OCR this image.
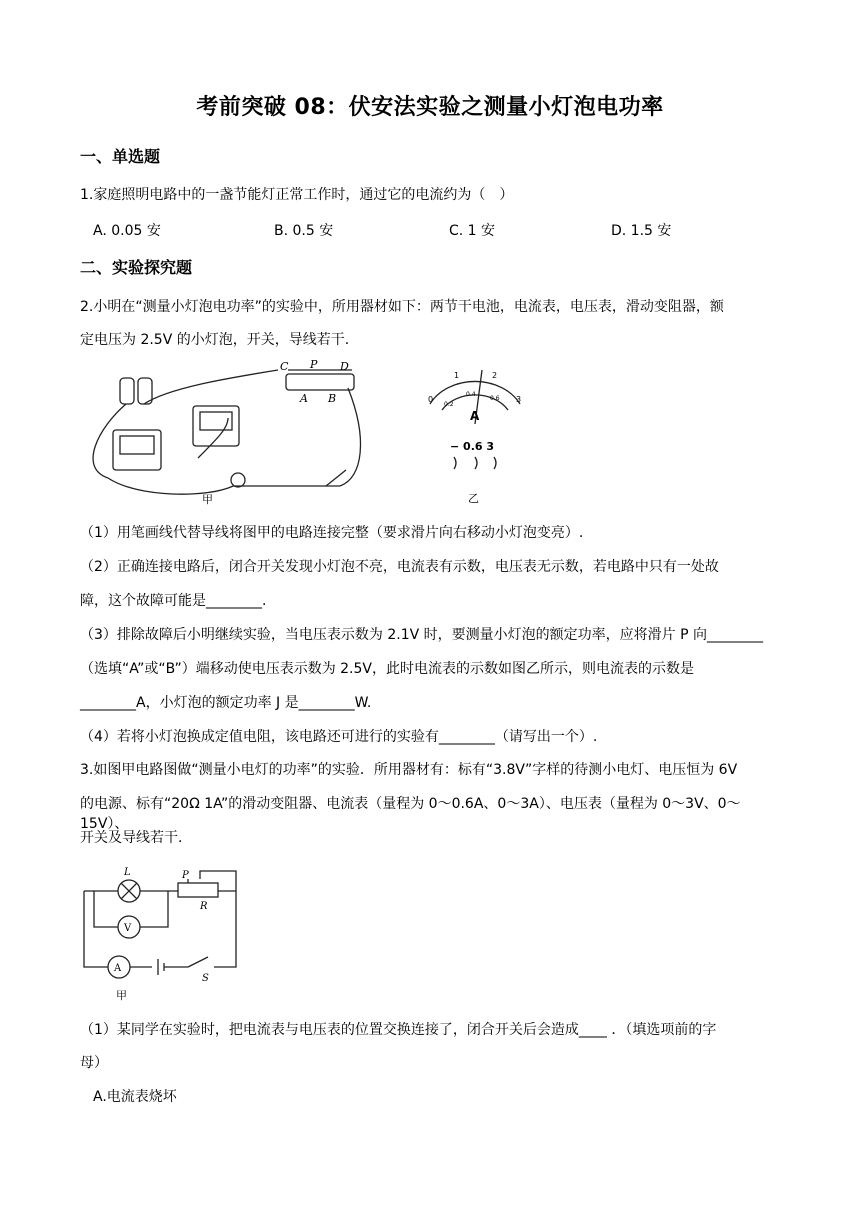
考前突破 08：伏安法实验之测量小灯泡电功率
一、单选题
1.家庭照明电路中的一盏节能灯正常工作时，通过它的电流约为（　）
A. 0.05 安	B. 0.5 安	C. 1 安	D. 1.5 安
二、实验探究题
2.小明在“测量小灯泡电功率”的实验中，所用器材如下：两节干电池，电流表，电压表，滑动变阻器，额
定电压为 2.5V 的小灯泡，开关，导线若干.
C P D
A B
甲
0
1	2
3
0.2
0.4
0.6
A
− 0.6 3
乙
（1）用笔画线代替导线将图甲的电路连接完整（要求滑片向右移动小灯泡变亮）.
（2）正确连接电路后，闭合开关发现小灯泡不亮，电流表有示数，电压表无示数，若电路中只有一处故
障，这个故障可能是________.
（3）排除故障后小明继续实验，当电压表示数为 2.1V 时，要测量小灯泡的额定功率，应将滑片 P 向________
（选填“A”或“B”）端移动使电压表示数为 2.5V，此时电流表的示数如图乙所示，则电流表的示数是
________A，小灯泡的额定功率 J 是________W.
（4）若将小灯泡换成定值电阻，该电路还可进行的实验有________（请写出一个）.
3.如图甲电路图做“测量小电灯的功率”的实验．所用器材有：标有“3.8V”字样的待测小电灯、电压恒为 6V
的电源、标有“20Ω 1A”的滑动变阻器、电流表（量程为 0～0.6A、0～3A）、电压表（量程为 0～3V、0～15V）、
开关及导线若干.
L	P
R
V
A
S
甲
（1）某同学在实验时，把电流表与电压表的位置交换连接了，闭合开关后会造成____ ．（填选项前的字
母）
A.电流表烧坏
